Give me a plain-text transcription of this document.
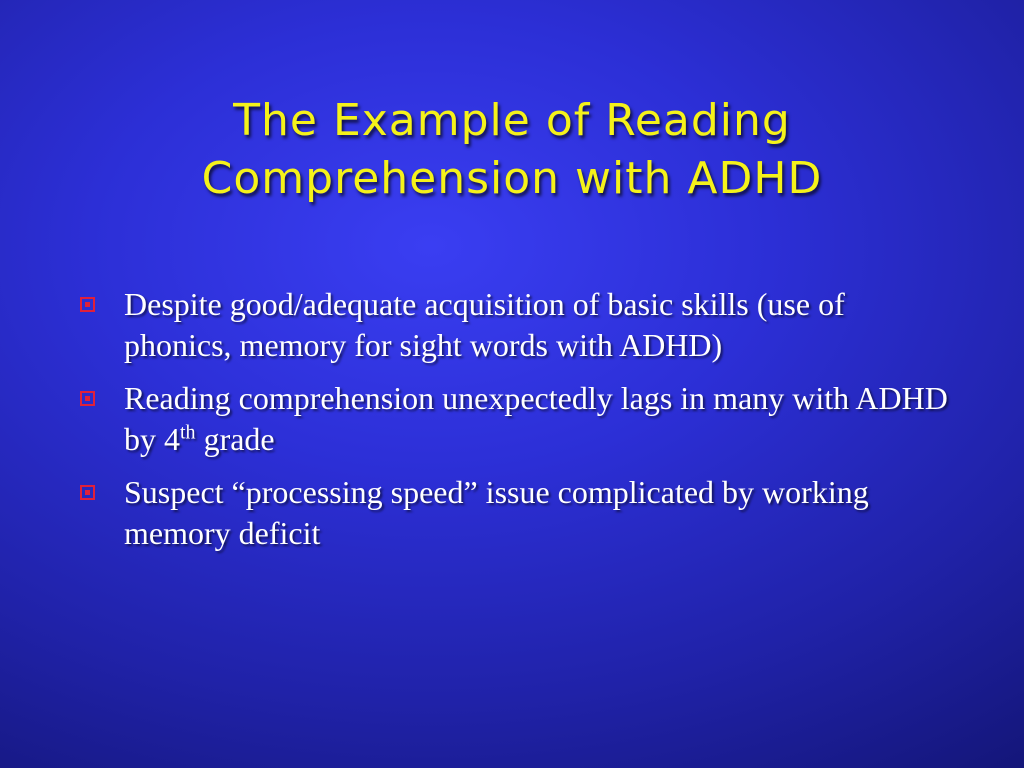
The Example of Reading
Comprehension with ADHD
Despite good/adequate acquisition of basic skills (use of phonics, memory for sight words with ADHD)
Reading comprehension unexpectedly lags in many with ADHD by 4th grade
Suspect “processing speed” issue complicated by working memory deficit
